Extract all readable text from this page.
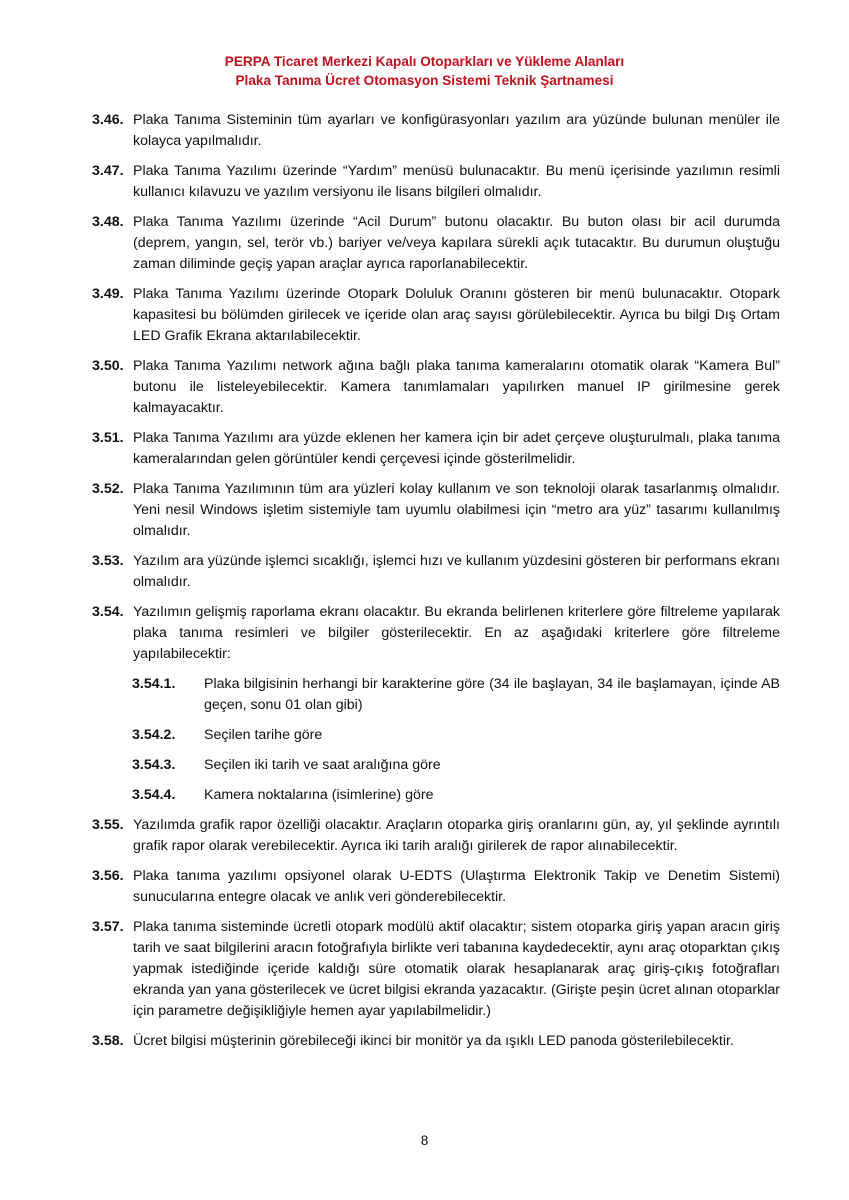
PERPA Ticaret Merkezi Kapalı Otoparkları ve Yükleme Alanları
Plaka Tanıma Ücret Otomasyon Sistemi Teknik Şartnamesi
3.46. Plaka Tanıma Sisteminin tüm ayarları ve konfigürasyonları yazılım ara yüzünde bulunan menüler ile kolayca yapılmalıdır.
3.47. Plaka Tanıma Yazılımı üzerinde “Yardım” menüsü bulunacaktır. Bu menü içerisinde yazılımın resimli kullanıcı kılavuzu ve yazılım versiyonu ile lisans bilgileri olmalıdır.
3.48. Plaka Tanıma Yazılımı üzerinde “Acil Durum” butonu olacaktır. Bu buton olası bir acil durumda (deprem, yangın, sel, terör vb.) bariyer ve/veya kapılara sürekli açık tutacaktır. Bu durumun oluştuğu zaman diliminde geçiş yapan araçlar ayrıca raporlanabilecektir.
3.49. Plaka Tanıma Yazılımı üzerinde Otopark Doluluk Oranını gösteren bir menü bulunacaktır. Otopark kapasitesi bu bölümden girilecek ve içeride olan araç sayısı görülebilecektir. Ayrıca bu bilgi Dış Ortam LED Grafik Ekrana aktarılabilecektir.
3.50. Plaka Tanıma Yazılımı network ağına bağlı plaka tanıma kameralarını otomatik olarak “Kamera Bul” butonu ile listeleyebilecektir. Kamera tanımlamaları yapılırken manuel IP girilmesine gerek kalmayacaktır.
3.51. Plaka Tanıma Yazılımı ara yüzde eklenen her kamera için bir adet çerçeve oluşturulmalı, plaka tanıma kameralarından gelen görüntüler kendi çerçevesi içinde gösterilmelidir.
3.52. Plaka Tanıma Yazılımının tüm ara yüzleri kolay kullanım ve son teknoloji olarak tasarlanmış olmalıdır. Yeni nesil Windows işletim sistemiyle tam uyumlu olabilmesi için “metro ara yüz” tasarımı kullanılmış olmalıdır.
3.53. Yazılım ara yüzünde işlemci sıcaklığı, işlemci hızı ve kullanım yüzdesini gösteren bir performans ekranı olmalıdır.
3.54. Yazılımın gelişmiş raporlama ekranı olacaktır. Bu ekranda belirlenen kriterlere göre filtreleme yapılarak plaka tanıma resimleri ve bilgiler gösterilecektir. En az aşağıdaki kriterlere göre filtreleme yapılabilecektir:
3.54.1.	Plaka bilgisinin herhangi bir karakterine göre (34 ile başlayan, 34 ile başlamayan, içinde AB geçen, sonu 01 olan gibi)
3.54.2.	Seçilen tarihe göre
3.54.3.	Seçilen iki tarih ve saat aralığına göre
3.54.4.	Kamera noktalarına (isimlerine) göre
3.55. Yazılımda grafik rapor özelliği olacaktır. Araçların otoparka giriş oranlarını gün, ay, yıl şeklinde ayrıntılı grafik rapor olarak verebilecektir. Ayrıca iki tarih aralığı girilerek de rapor alınabilecektir.
3.56. Plaka tanıma yazılımı opsiyonel olarak U-EDTS (Ulaştırma Elektronik Takip ve Denetim Sistemi) sunucularına entegre olacak ve anlık veri gönderebilecektir.
3.57. Plaka tanıma sisteminde ücretli otopark modülü aktif olacaktır; sistem otoparka giriş yapan aracın giriş tarih ve saat bilgilerini aracın fotoğrafıyla birlikte veri tabanına kaydedecektir, aynı araç otoparktan çıkış yapmak istediğinde içeride kaldığı süre otomatik olarak hesaplanarak araç giriş-çıkış fotoğrafları ekranda yan yana gösterilecek ve ücret bilgisi ekranda yazacaktır. (Girişte peşin ücret alınan otoparklar için parametre değişikliğiyle hemen ayar yapılabilmelidir.)
3.58. Ücret bilgisi müşterinin görebileceği ikinci bir monitör ya da ışıklı LED panoda gösterilebilecektir.
8
